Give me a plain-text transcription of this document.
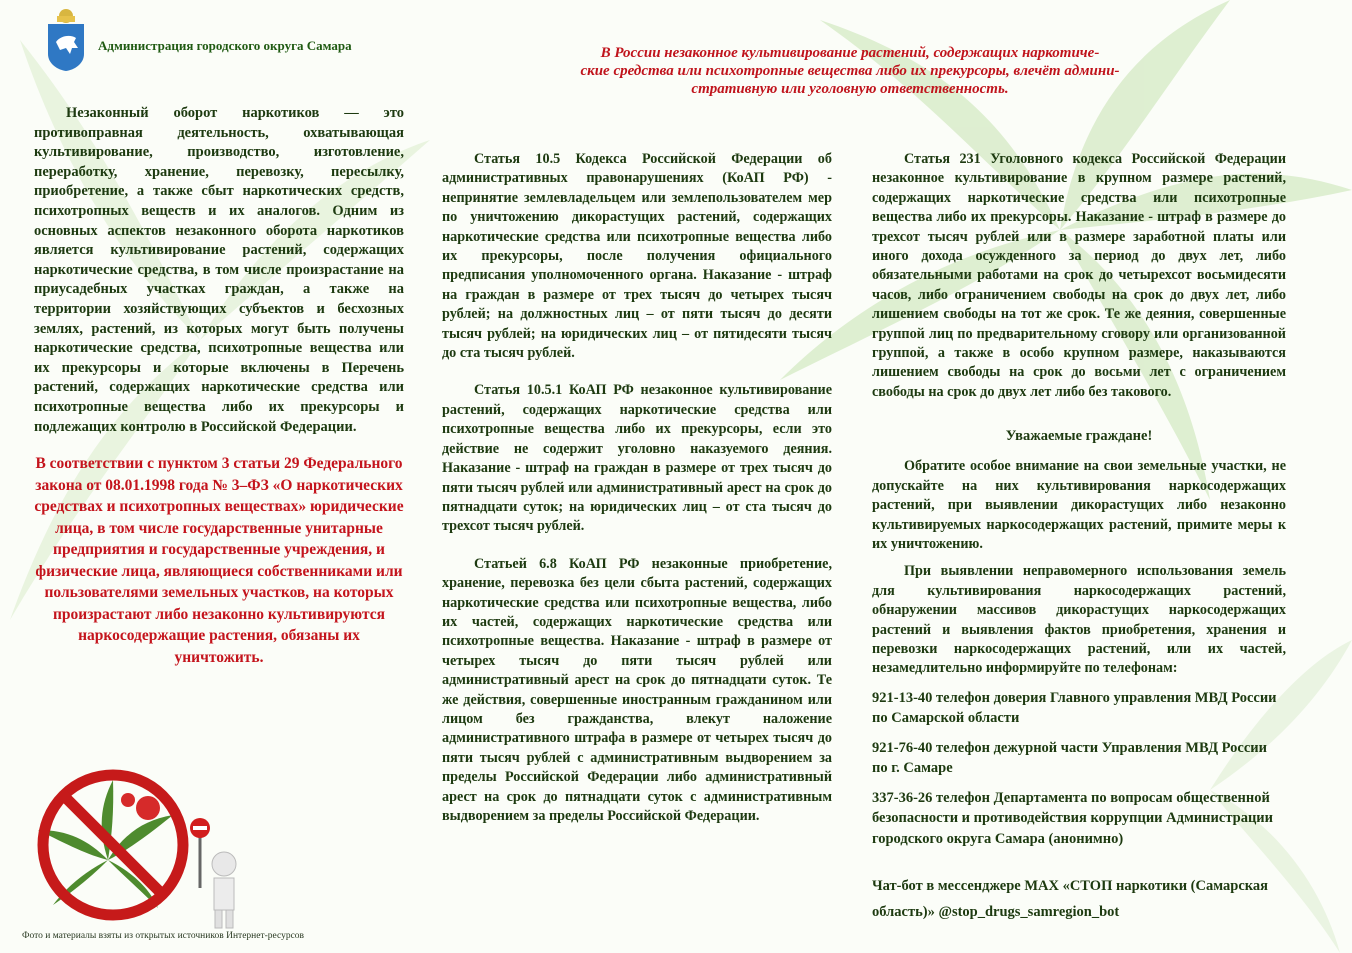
Администрация городского округа Самара	В России незаконное культивирование растений, содержащих наркотиче-
ские средства или психотропные вещества либо их прекурсоры, влечёт админи-
стративную или уголовную ответственность.

Незаконный оборот наркотиков — это противоправная деятельность, охватывающая культивирование, производство, изготовление, переработку, хранение, перевозку, пересылку, приобретение, а также сбыт наркотических средств, психотропных веществ и их аналогов. Одним из основных аспектов незаконного оборота наркотиков является культивирование растений, содержащих наркотические средства, в том числе произрастание на приусадебных участках граждан, а также на территории хозяйствующих субъектов и бесхозных землях, растений, из которых могут быть получены наркотические средства, психотропные вещества или их прекурсоры и которые включены в Перечень растений, содержащих наркотические средства или психотропные вещества либо их прекурсоры и подлежащих контролю в Российской Федерации.

В соответствии с пунктом 3 статьи 29 Федерального закона от 08.01.1998 года № 3–ФЗ «О наркотических средствах и психотропных веществах» юридические лица, в том числе государственные унитарные предприятия и государственные учреждения, и физические лица, являющиеся собственниками или пользователями земельных участков, на которых произрастают либо незаконно культивируются наркосодержащие растения, обязаны их уничтожить.

Статья 10.5 Кодекса Российской Федерации об административных правонарушениях (КоАП РФ) - непринятие землевладельцем или землепользователем мер по уничтожению дикорастущих растений, содержащих наркотические средства или психотропные вещества либо их прекурсоры, после получения официального предписания уполномоченного органа. Наказание - штраф на граждан в размере от трех тысяч до четырех тысяч рублей; на должностных лиц – от пяти тысяч до десяти тысяч рублей; на юридических лиц – от пятидесяти тысяч до ста тысяч рублей.

Статья 10.5.1 КоАП РФ незаконное культивирование растений, содержащих наркотические средства или психотропные вещества либо их прекурсоры, если это действие не содержит уголовно наказуемого деяния. Наказание - штраф на граждан в размере от трех тысяч до пяти тысяч рублей или административный арест на срок до пятнадцати суток; на юридических лиц – от ста тысяч до трехсот тысяч рублей.

Статьей 6.8 КоАП РФ незаконные приобретение, хранение, перевозка без цели сбыта растений, содержащих наркотические средства или психотропные вещества, либо их частей, содержащих наркотические средства или психотропные вещества. Наказание - штраф в размере от четырех тысяч до пяти тысяч рублей или административный арест на срок до пятнадцати суток. Те же действия, совершенные иностранным гражданином или лицом без гражданства, влекут наложение административного штрафа в размере от четырех тысяч до пяти тысяч рублей с административным выдворением за пределы Российской Федерации либо административный арест на срок до пятнадцати суток с административным выдворением за пределы Российской Федерации.

Статья 231 Уголовного кодекса Российской Федерации незаконное культивирование в крупном размере растений, содержащих наркотические средства или психотропные вещества либо их прекурсоры. Наказание - штраф в размере до трехсот тысяч рублей или в размере заработной платы или иного дохода осужденного за период до двух лет, либо обязательными работами на срок до четырехсот восьмидесяти часов, либо ограничением свободы на срок до двух лет, либо лишением свободы на тот же срок. Те же деяния, совершенные группой лиц по предварительному сговору или организованной группой, а также в особо крупном размере, наказываются лишением свободы на срок до восьми лет с ограничением свободы на срок до двух лет либо без такового.

Уважаемые граждане!

Обратите особое внимание на свои земельные участки, не допускайте на них культивирования наркосодержащих растений, при выявлении дикорастущих либо незаконно культивируемых наркосодержащих растений, примите меры к их уничтожению.

При выявлении неправомерного использования земель для культивирования наркосодержащих растений, обнаружении массивов дикорастущих наркосодержащих растений и выявления фактов приобретения, хранения и перевозки наркосодержащих растений, или их частей, незамедлительно информируйте по телефонам:

921-13-40 телефон доверия Главного управления МВД России по Самарской области

921-76-40 телефон дежурной части Управления МВД России по г. Самаре

337-36-26 телефон Департамента по вопросам общественной безопасности и противодействия коррупции Администрации городского округа Самара (анонимно)

Чат-бот в мессенджере MAX «СТОП наркотики (Самарская область)» @stop_drugs_samregion_bot

Фото и материалы взяты из открытых источников Интернет-ресурсов
